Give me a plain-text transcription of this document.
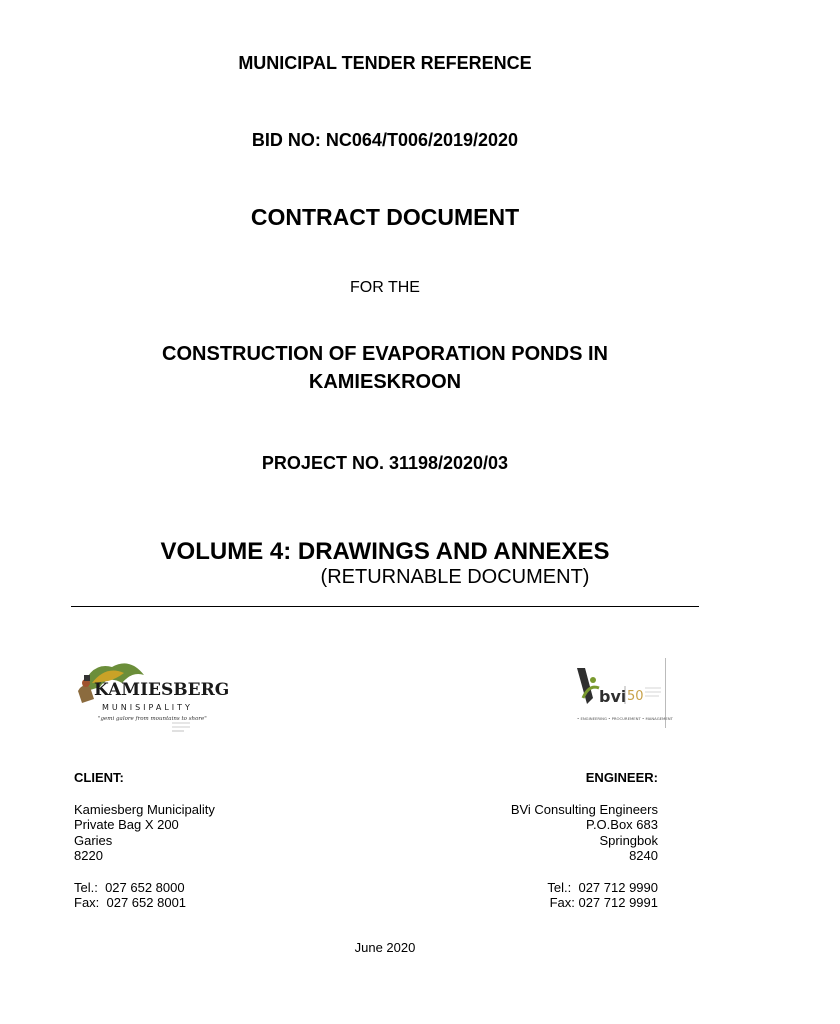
MUNICIPAL TENDER REFERENCE

BID NO: NC064/T006/2019/2020

CONTRACT DOCUMENT

FOR THE

CONSTRUCTION OF EVAPORATION PONDS IN

KAMIESKROON

PROJECT NO. 31198/2020/03

VOLUME 4: DRAWINGS AND ANNEXES

(RETURNABLE DOCUMENT)

KAMIESBERG
MUNISIPALITY
"gemi galore from mountains to shore"
bvi 50
• ENGINEERING • PROCUREMENT • MANAGEMENT

CLIENT:

Kamiesberg Municipality

Private Bag X 200

Garies

8220

Tel.:  027 652 8000

Fax:  027 652 8001

ENGINEER:

BVi Consulting Engineers

P.O.Box 683

Springbok

8240

Tel.:  027 712 9990

Fax: 027 712 9991

June 2020
